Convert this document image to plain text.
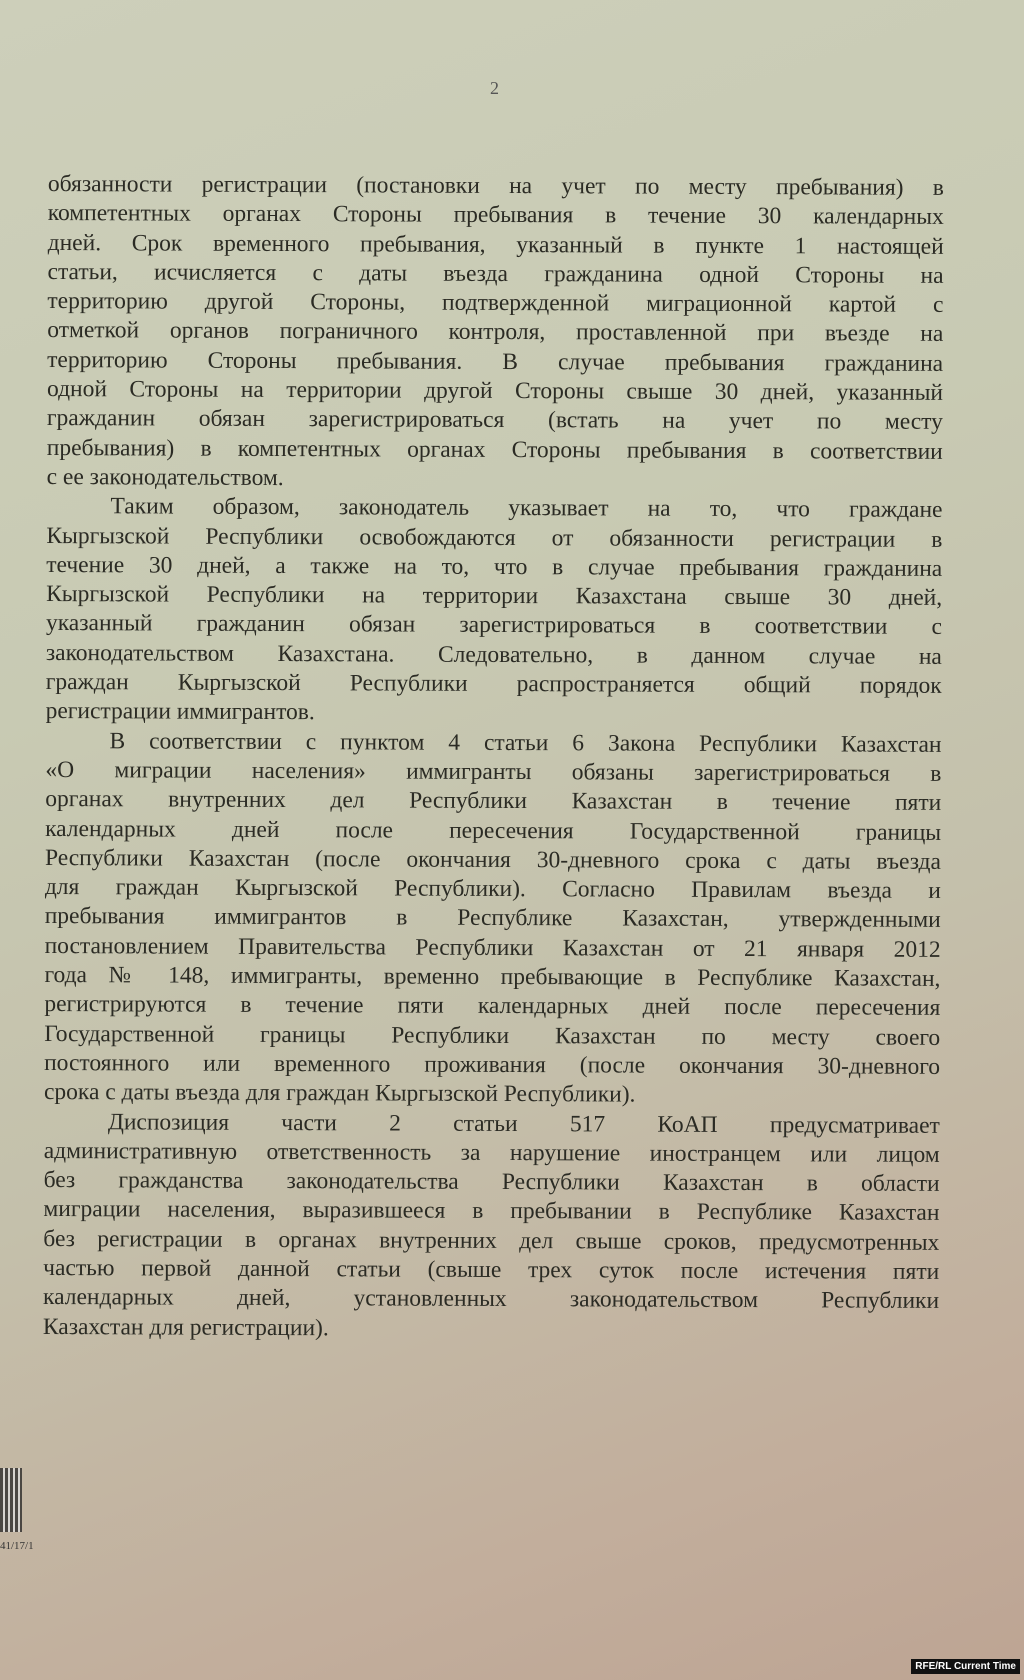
2
обязанности регистрации (постановки на учет по месту пребывания) в
компетентных органах Стороны пребывания в течение 30 календарных
дней. Срок временного пребывания, указанный в пункте 1 настоящей
статьи, исчисляется с даты въезда гражданина одной Стороны на
территорию другой Стороны, подтвержденной миграционной картой с
отметкой органов пограничного контроля, проставленной при въезде на
территорию Стороны пребывания. В случае пребывания гражданина
одной Стороны на территории другой Стороны свыше 30 дней, указанный
гражданин обязан зарегистрироваться (встать на учет по месту
пребывания) в компетентных органах Стороны пребывания в соответствии
с ее законодательством.
Таким образом, законодатель указывает на то, что граждане
Кыргызской Республики освобождаются от обязанности регистрации в
течение 30 дней, а также на то, что в случае пребывания гражданина
Кыргызской Республики на территории Казахстана свыше 30 дней,
указанный гражданин обязан зарегистрироваться в соответствии с
законодательством Казахстана. Следовательно, в данном случае на
граждан Кыргызской Республики распространяется общий порядок
регистрации иммигрантов.
В соответствии с пунктом 4 статьи 6 Закона Республики Казахстан
«О миграции населения» иммигранты обязаны зарегистрироваться в
органах внутренних дел Республики Казахстан в течение пяти
календарных дней после пересечения Государственной границы
Республики Казахстан (после окончания 30-дневного срока с даты въезда
для граждан Кыргызской Республики). Согласно Правилам въезда и
пребывания иммигрантов в Республике Казахстан, утвержденными
постановлением Правительства Республики Казахстан от 21 января 2012
года № 148, иммигранты, временно пребывающие в Республике Казахстан,
регистрируются в течение пяти календарных дней после пересечения
Государственной границы Республики Казахстан по месту своего
постоянного или временного проживания (после окончания 30-дневного
срока с даты въезда для граждан Кыргызской Республики).
Диспозиция части 2 статьи 517 КоАП предусматривает
административную ответственность за нарушение иностранцем или лицом
без гражданства законодательства Республики Казахстан в области
миграции населения, выразившееся в пребывании в Республике Казахстан
без регистрации в органах внутренних дел свыше сроков, предусмотренных
частью первой данной статьи (свыше трех суток после истечения пяти
календарных дней, установленных законодательством Республики
Казахстан для регистрации).
41/17/1
RFE/RL Current Time
